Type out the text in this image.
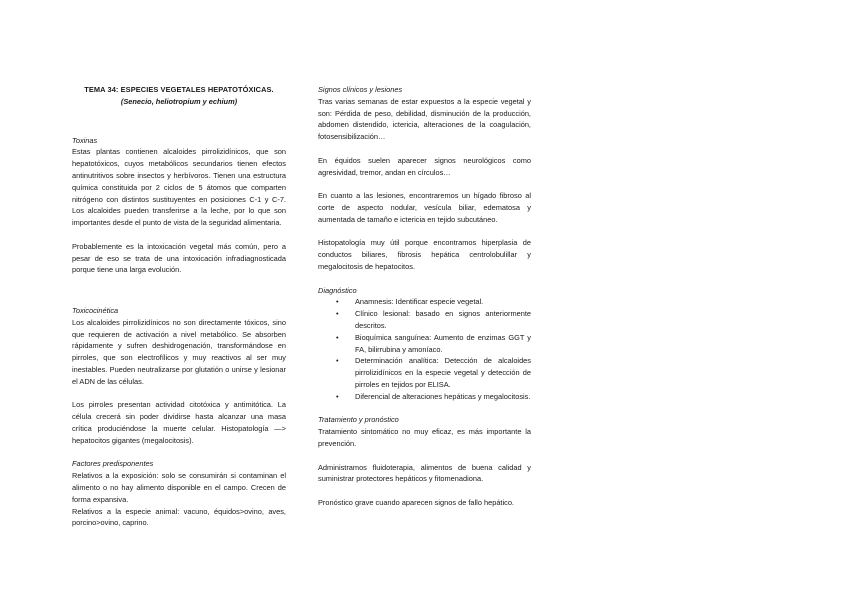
TEMA 34: ESPECIES VEGETALES HEPATOTÓXICAS.
(Senecio, heliotropium y echium)
Toxinas

Estas plantas contienen alcaloides pirrolizidínicos, que son hepatotóxicos, cuyos metabólicos secundarios tienen efectos antinutritivos sobre insectos y herbívoros. Tienen una estructura química constituida por 2 ciclos de 5 átomos que comparten nitrógeno con distintos sustituyentes en posiciones C-1 y C-7. Los alcaloides pueden transferirse a la leche, por lo que son importantes desde el punto de vista de la seguridad alimentaria.

Probablemente es la intoxicación vegetal más común, pero a pesar de eso se trata de una intoxicación infradiagnosticada porque tiene una larga evolución.

Toxicocinética

Los alcaloides pirrolizidínicos no son directamente tóxicos, sino que requieren de activación a nivel metabólico. Se absorben rápidamente y sufren deshidrogenación, transformándose en pirroles, que son electrofílicos y muy reactivos al ser muy inestables. Pueden neutralizarse por glutatión o unirse y lesionar el ADN de las células.

Los pirroles presentan actividad citotóxica y antimitótica. La célula crecerá sin poder dividirse hasta alcanzar una masa crítica produciéndose la muerte celular. Histopatología —> hepatocitos gigantes (megalocitosis).

Factores predisponentes

Relativos a la exposición: solo se consumirán si contaminan el alimento o no hay alimento disponible en el campo. Crecen de forma expansiva.

Relativos a la especie animal: vacuno, équidos>ovino, aves, porcino>ovino, caprino.

Signos clínicos y lesiones

Tras varias semanas de estar expuestos a la especie vegetal y son: Pérdida de peso, debilidad, disminución de la producción, abdomen distendido, ictericia, alteraciones de la coagulación, fotosensibilización…

En équidos suelen aparecer signos neurológicos como agresividad, tremor, andan en círculos…

En cuanto a las lesiones, encontraremos un hígado fibroso al corte de aspecto nodular, vesícula biliar, edematosa y aumentada de tamaño e ictericia en tejido subcutáneo.

Histopatología muy útil porque encontramos hiperplasia de conductos biliares, fibrosis hepática centrolobulillar y megalocitosis de hepatocitos.

Diagnóstico
• Anamnesis: Identificar especie vegetal.
• Clínico lesional: basado en signos anteriormente descritos.
• Bioquímica sanguínea: Aumento de enzimas GGT y FA, bilirrubina y amoníaco.
• Determinación analítica: Detección de alcaloides pirrolizidínicos en la especie vegetal y detección de pirroles en tejidos por ELISA.
• Diferencial de alteraciones hepáticas y megalocitosis.
Tratamiento y pronóstico

Tratamiento sintomático no muy eficaz, es más importante la prevención.

Administramos fluidoterapia, alimentos de buena calidad y suministrar protectores hepáticos y fitomenadiona.

Pronóstico grave cuando aparecen signos de fallo hepático.
